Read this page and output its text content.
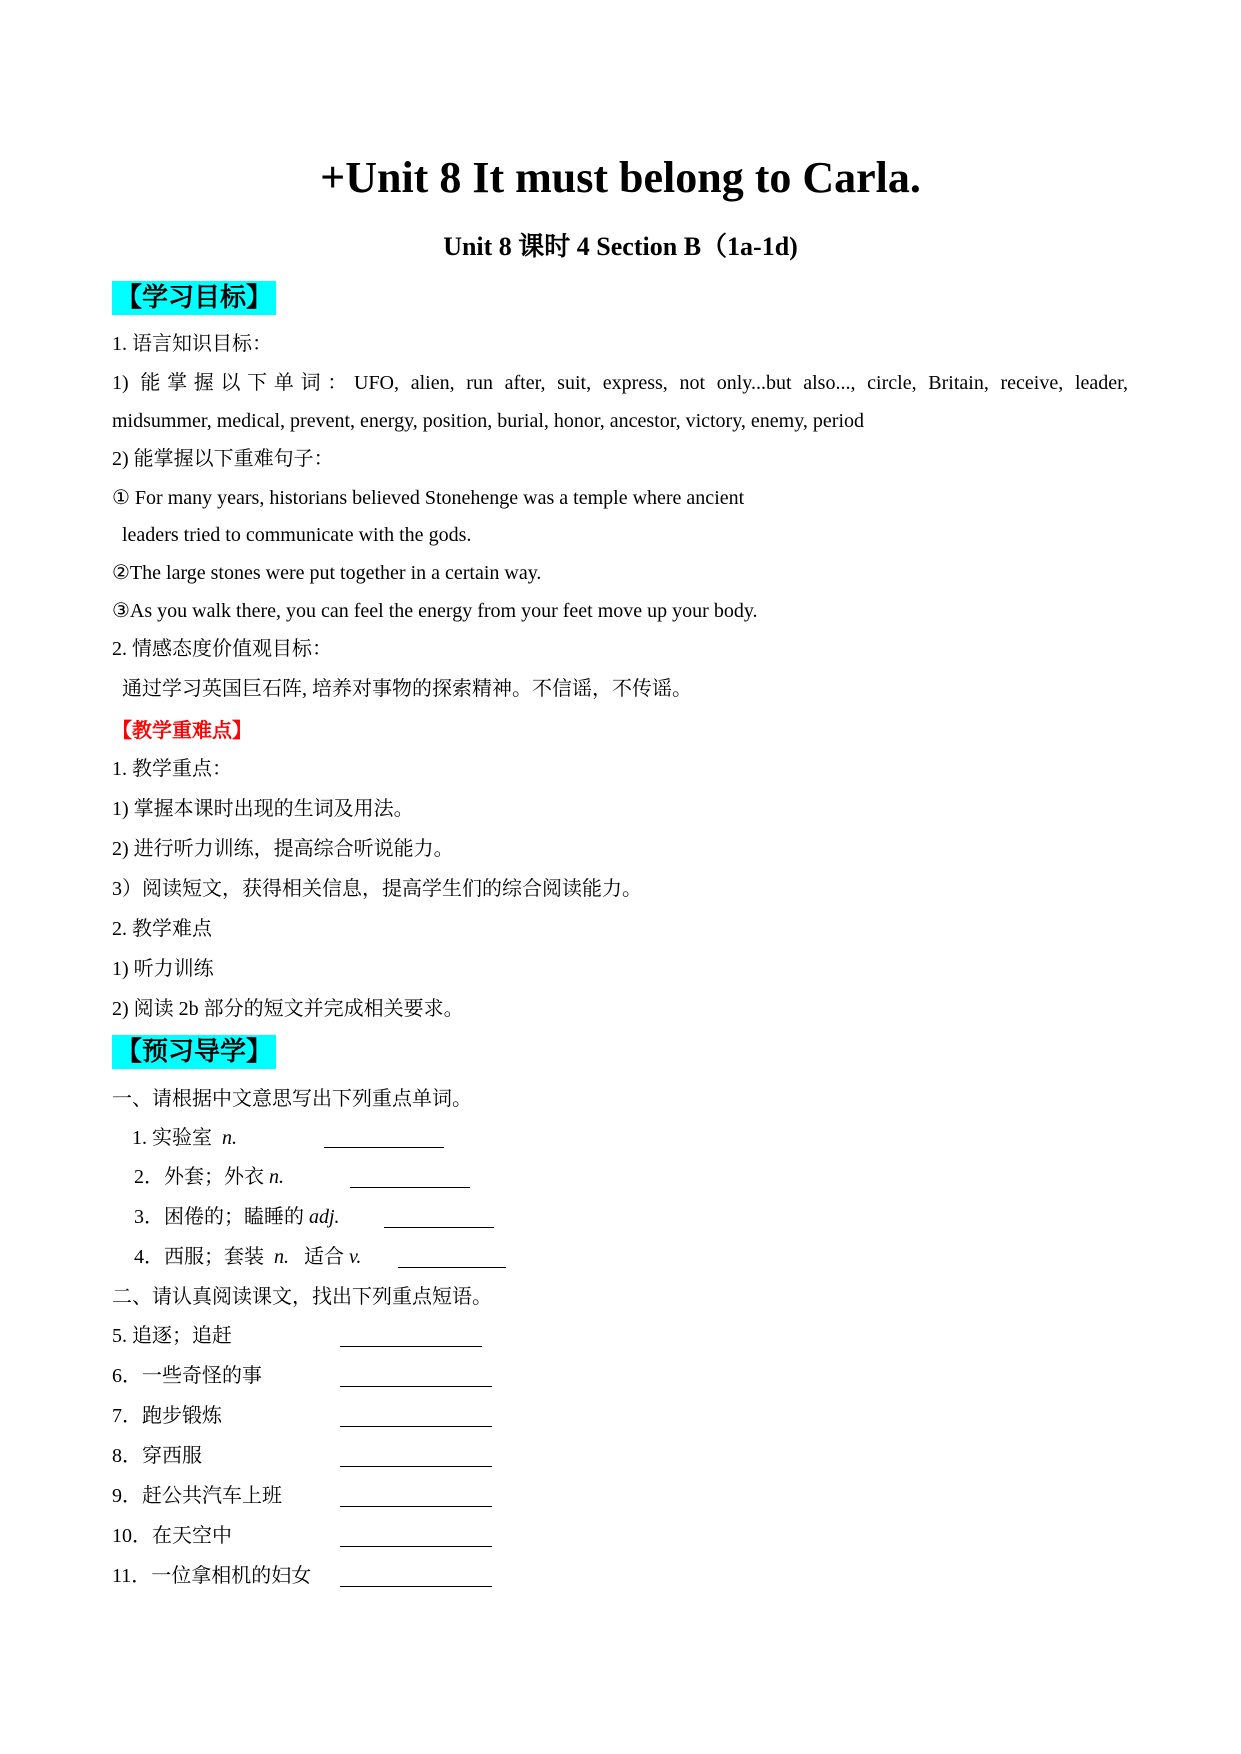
+Unit 8 It must belong to Carla.
Unit 8 课时 4 Section B（1a-1d)
【学习目标】
1. 语言知识目标：
1) 能掌握以下单词：UFO, alien, run after, suit, express, not only...but also..., circle, Britain, receive, leader,
midsummer, medical, prevent, energy, position, burial, honor, ancestor, victory, enemy, period
2) 能掌握以下重难句子：
① For many years, historians believed Stonehenge was a temple where ancient
leaders tried to communicate with the gods.
②The large stones were put together in a certain way.
③As you walk there, you can feel the energy from your feet move up your body.
2. 情感态度价值观目标：
通过学习英国巨石阵, 培养对事物的探索精神。不信谣，不传谣。
【教学重难点】
1. 教学重点：
1) 掌握本课时出现的生词及用法。
2) 进行听力训练，提高综合听说能力。
3）阅读短文，获得相关信息，提高学生们的综合阅读能力。
2. 教学难点
1) 听力训练
2) 阅读 2b 部分的短文并完成相关要求。
【预习导学】
一、请根据中文意思写出下列重点单词。
1. 实验室 n.
2．外套；外衣 n.
3．困倦的；瞌睡的 adj.
4．西服；套装 n. 适合 v.
二、请认真阅读课文，找出下列重点短语。
5. 追逐；追赶
6．一些奇怪的事
7．跑步锻炼
8．穿西服
9．赶公共汽车上班
10．在天空中
11．一位拿相机的妇女
